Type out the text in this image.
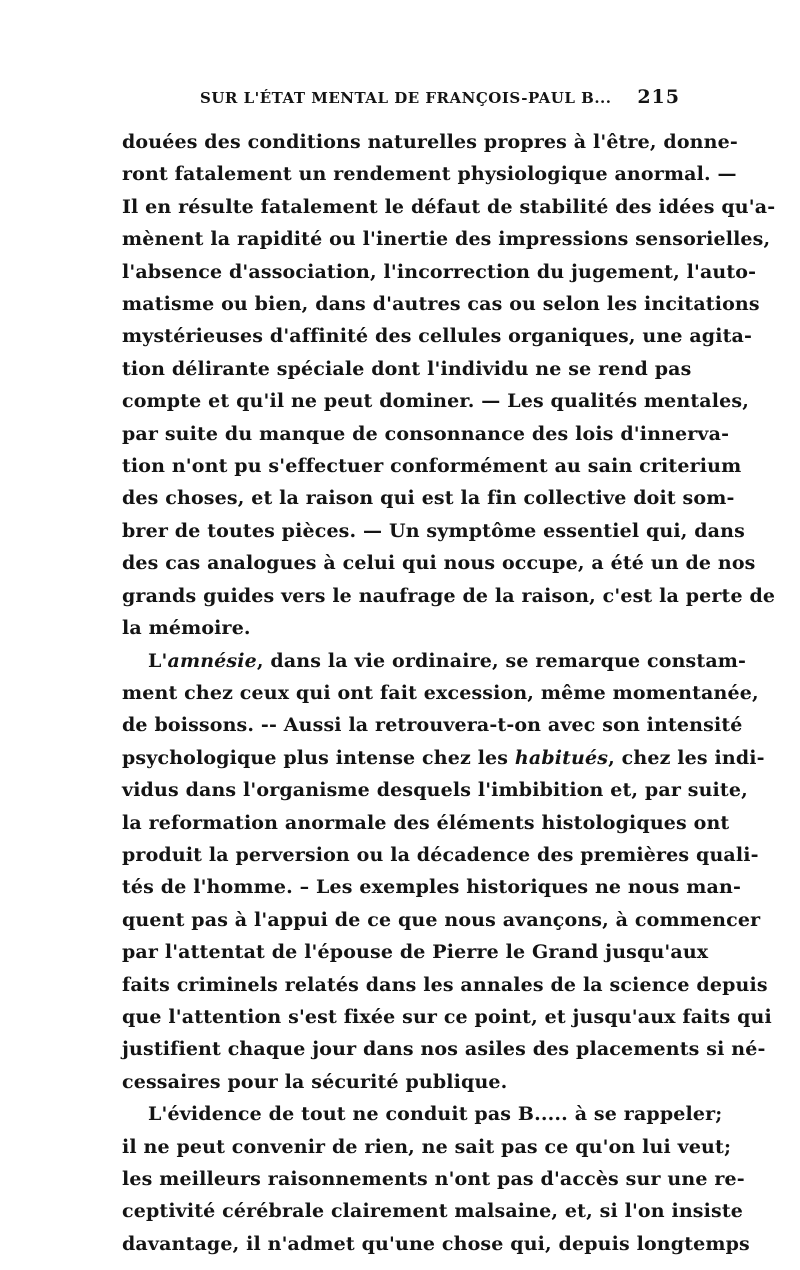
SUR L'ÉTAT MENTAL DE FRANÇOIS-PAUL B... 215
douées des conditions naturelles propres à l'être, donne-
ront fatalement un rendement physiologique anormal. —
Il en résulte fatalement le défaut de stabilité des idées qu'a-
mènent la rapidité ou l'inertie des impressions sensorielles,
l'absence d'association, l'incorrection du jugement, l'auto-
matisme ou bien, dans d'autres cas ou selon les incitations
mystérieuses d'affinité des cellules organiques, une agita-
tion délirante spéciale dont l'individu ne se rend pas
compte et qu'il ne peut dominer. — Les qualités mentales,
par suite du manque de consonnance des lois d'innerva-
tion n'ont pu s'effectuer conformément au sain criterium
des choses, et la raison qui est la fin collective doit som-
brer de toutes pièces. — Un symptôme essentiel qui, dans
des cas analogues à celui qui nous occupe, a été un de nos
grands guides vers le naufrage de la raison, c'est la perte de
la mémoire.
L'amnésie, dans la vie ordinaire, se remarque constam-
ment chez ceux qui ont fait excession, même momentanée,
de boissons. -- Aussi la retrouvera-t-on avec son intensité
psychologique plus intense chez les habitués, chez les indi-
vidus dans l'organisme desquels l'imbibition et, par suite,
la reformation anormale des éléments histologiques ont
produit la perversion ou la décadence des premières quali-
tés de l'homme. – Les exemples historiques ne nous man-
quent pas à l'appui de ce que nous avançons, à commencer
par l'attentat de l'épouse de Pierre le Grand jusqu'aux
faits criminels relatés dans les annales de la science depuis
que l'attention s'est fixée sur ce point, et jusqu'aux faits qui
justifient chaque jour dans nos asiles des placements si né-
cessaires pour la sécurité publique.
L'évidence de tout ne conduit pas B..... à se rappeler;
il ne peut convenir de rien, ne sait pas ce qu'on lui veut;
les meilleurs raisonnements n'ont pas d'accès sur une re-
ceptivité cérébrale clairement malsaine, et, si l'on insiste
davantage, il n'admet qu'une chose qui, depuis longtemps
